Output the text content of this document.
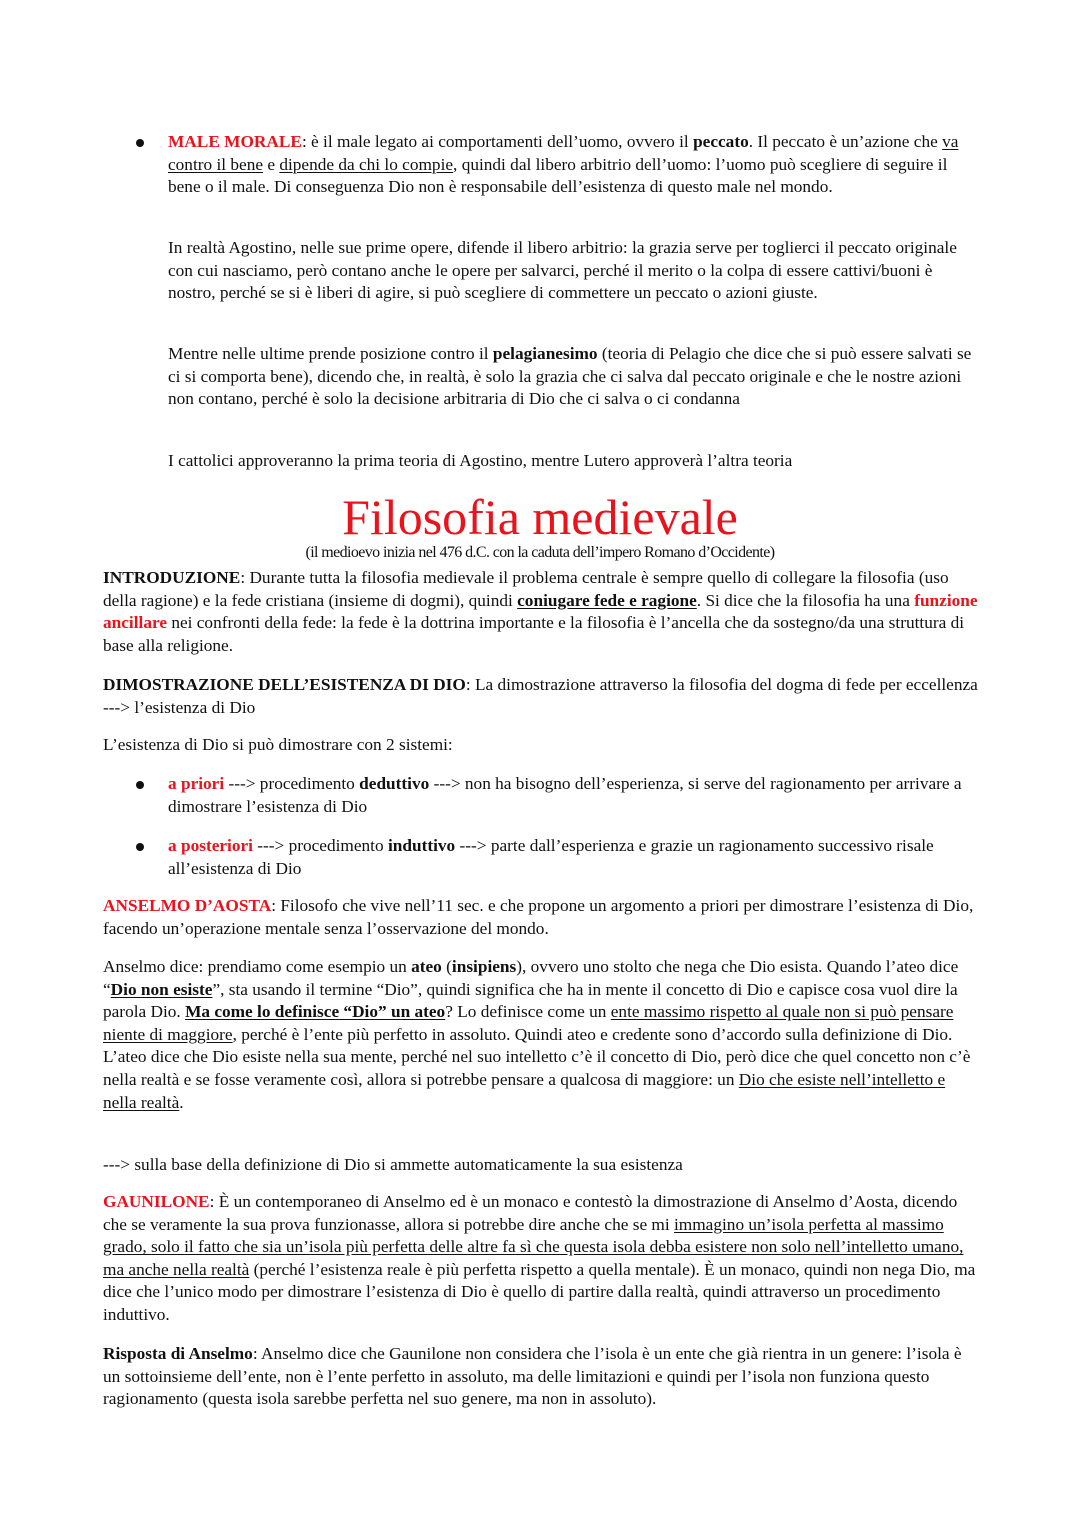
MALE MORALE: è il male legato ai comportamenti dell’uomo, ovvero il peccato. Il peccato è un’azione che va contro il bene e dipende da chi lo compie, quindi dal libero arbitrio dell’uomo: l’uomo può scegliere di seguire il bene o il male. Di conseguenza Dio non è responsabile dell’esistenza di questo male nel mondo.

In realtà Agostino, nelle sue prime opere, difende il libero arbitrio: la grazia serve per toglierci il peccato originale con cui nasciamo, però contano anche le opere per salvarci, perché il merito o la colpa di essere cattivi/buoni è nostro, perché se si è liberi di agire, si può scegliere di commettere un peccato o azioni giuste.

Mentre nelle ultime prende posizione contro il pelagianesimo (teoria di Pelagio che dice che si può essere salvati se ci si comporta bene), dicendo che, in realtà, è solo la grazia che ci salva dal peccato originale e che le nostre azioni non contano, perché è solo la decisione arbitraria di Dio che ci salva o ci condanna

I cattolici approveranno la prima teoria di Agostino, mentre Lutero approverà l’altra teoria

Filosofia medievale
(il medioevo inizia nel 476 d.C. con la caduta dell’impero Romano d’Occidente)

INTRODUZIONE: Durante tutta la filosofia medievale il problema centrale è sempre quello di collegare la filosofia (uso della ragione) e la fede cristiana (insieme di dogmi), quindi coniugare fede e ragione. Si dice che la filosofia ha una funzione ancillare nei confronti della fede: la fede è la dottrina importante e la filosofia è l’ancella che da sostegno/da una struttura di base alla religione.

DIMOSTRAZIONE DELL’ESISTENZA DI DIO: La dimostrazione attraverso la filosofia del dogma di fede per eccellenza ---> l’esistenza di Dio

L’esistenza di Dio si può dimostrare con 2 sistemi:

a priori ---> procedimento deduttivo ---> non ha bisogno dell’esperienza, si serve del ragionamento per arrivare a dimostrare l’esistenza di Dio

a posteriori ---> procedimento induttivo ---> parte dall’esperienza e grazie un ragionamento successivo risale all’esistenza di Dio

ANSELMO D’AOSTA: Filosofo che vive nell’11 sec. e che propone un argomento a priori per dimostrare l’esistenza di Dio, facendo un’operazione mentale senza l’osservazione del mondo.

Anselmo dice: prendiamo come esempio un ateo (insipiens), ovvero uno stolto che nega che Dio esista. Quando l’ateo dice “Dio non esiste”, sta usando il termine “Dio”, quindi significa che ha in mente il concetto di Dio e capisce cosa vuol dire la parola Dio. Ma come lo definisce “Dio” un ateo? Lo definisce come un ente massimo rispetto al quale non si può pensare niente di maggiore, perché è l’ente più perfetto in assoluto. Quindi ateo e credente sono d’accordo sulla definizione di Dio. L’ateo dice che Dio esiste nella sua mente, perché nel suo intelletto c’è il concetto di Dio, però dice che quel concetto non c’è nella realtà e se fosse veramente così, allora si potrebbe pensare a qualcosa di maggiore: un Dio che esiste nell’intelletto e nella realtà.

---> sulla base della definizione di Dio si ammette automaticamente la sua esistenza

GAUNILONE: È un contemporaneo di Anselmo ed è un monaco e contestò la dimostrazione di Anselmo d’Aosta, dicendo che se veramente la sua prova funzionasse, allora si potrebbe dire anche che se mi immagino un’isola perfetta al massimo grado, solo il fatto che sia un’isola più perfetta delle altre fa sì che questa isola debba esistere non solo nell’intelletto umano, ma anche nella realtà (perché l’esistenza reale è più perfetta rispetto a quella mentale). È un monaco, quindi non nega Dio, ma dice che l’unico modo per dimostrare l’esistenza di Dio è quello di partire dalla realtà, quindi attraverso un procedimento induttivo.

Risposta di Anselmo: Anselmo dice che Gaunilone non considera che l’isola è un ente che già rientra in un genere: l’isola è un sottoinsieme dell’ente, non è l’ente perfetto in assoluto, ma delle limitazioni e quindi per l’isola non funziona questo ragionamento (questa isola sarebbe perfetta nel suo genere, ma non in assoluto).
